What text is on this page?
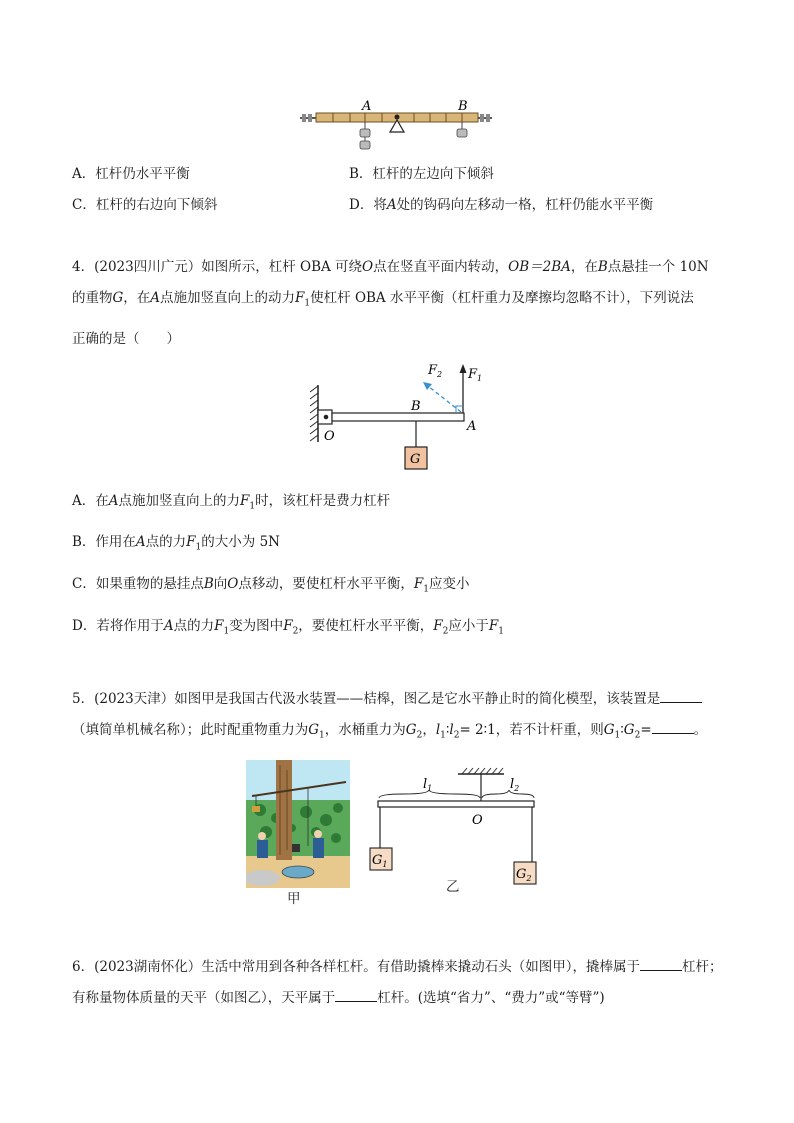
A	B
A．杠杆仍水平平衡	B．杠杆的左边向下倾斜
C．杠杆的右边向下倾斜	D．将A处的钩码向左移动一格，杠杆仍能水平平衡
4．(2023四川广元）如图所示，杠杆 OBA 可绕O点在竖直平面内转动，OB＝2BA，在B点悬挂一个 10N
的重物G，在A点施加竖直向上的动力$F_1$使杠杆 OBA 水平平衡（杠杆重力及摩擦均忽略不计），下列说法
正确的是（　　）
G
O
B
A
$F_1$
$F_2$
A．在A点施加竖直向上的力$F_1$时，该杠杆是费力杠杆
B．作用在A点的力$F_1$的大小为 5N
C．如果重物的悬挂点B向O点移动，要使杠杆水平平衡，$F_1$应变小
D．若将作用于A点的力$F_1$变为图中$F_2$，要使杠杆水平平衡，$F_2$应小于$F_1$
5．(2023天津）如图甲是我国古代汲水装置——桔槔，图乙是它水平静止时的简化模型，该装置是
（填简单机械名称）；此时配重物重力为$G_1$，水桶重力为$G_2$，$l_1∶l_2=$ 2∶1，若不计杆重，则$G_1∶G_2=$	。
甲
$l_1$	$l_2$
O
$G_1$
$G_2$
乙
6．(2023湖南怀化）生活中常用到各种各样杠杆。有借助撬棒来撬动石头（如图甲），撬棒属于	杠杆；
有称量物体质量的天平（如图乙），天平属于	杠杆。(选填“省力”、“费力”或“等臂”)
